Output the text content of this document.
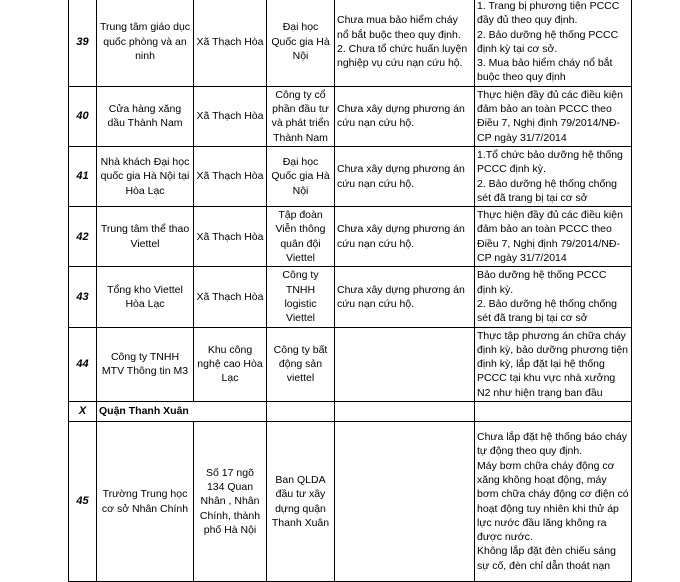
39	Trung tâm giáo dục quốc phòng và an ninh	Xã Thạch Hòa	Đại học Quốc gia Hà Nội	Chưa mua bảo hiểm cháy nổ bắt buộc theo quy định.
2. Chưa tổ chức huấn luyện nghiệp vụ cứu nạn cứu hộ.	1. Trang bị phương tiện PCCC đầy đủ theo quy định.
2. Bảo dưỡng hệ thống PCCC định kỳ tại cơ sở.
3. Mua bảo hiểm cháy nổ bắt buộc theo quy định

40	Cửa hàng xăng dầu Thành Nam	Xã Thạch Hòa	Công ty cổ phần đầu tư và phát triển Thành Nam	Chưa xây dựng phương án cứu nạn cứu hộ.	Thực hiện đầy đủ các điều kiện đảm bảo an toàn PCCC theo Điều 7, Nghị định 79/2014/NĐ-CP ngày 31/7/2014

41	Nhà khách Đại học quốc gia Hà Nội tại Hòa Lạc	Xã Thạch Hòa	Đại học Quốc gia Hà Nội	Chưa xây dựng phương án cứu nạn cứu hộ.	1.Tổ chức bảo dưỡng hệ thống PCCC định kỳ.
2. Bảo dưỡng hệ thống chống sét đã trang bị tại cơ sở

42	Trung tâm thể thao Viettel	Xã Thạch Hòa	Tập đoàn Viễn thông quân đội Viettel	Chưa xây dựng phương án cứu nạn cứu hộ.	Thực hiện đầy đủ các điều kiện đảm bảo an toàn PCCC theo Điều 7, Nghị định 79/2014/NĐ-CP ngày 31/7/2014

43	Tổng kho Viettel Hòa Lạc	Xã Thạch Hòa	Công ty TNHH logistic Viettel	Chưa xây dựng phương án cứu nạn cứu hộ.	Bảo dưỡng hệ thống PCCC định kỳ.
2. Bảo dưỡng hệ thống chống sét đã trang bị tại cơ sở

44	Công ty TNHH MTV Thông tin M3	Khu công nghệ cao Hòa Lạc	Công ty bất động sản viettel		Thực tập phương án chữa cháy định kỳ, bảo dưỡng phương tiện định kỳ, lắp đặt lại hệ thống PCCC tại khu vực nhà xưởng N2 như hiện trạng ban đầu

X	Quận Thanh Xuân				
45	Trường Trung học cơ sở Nhân Chính	Số 17 ngõ 134 Quan Nhân , Nhân Chính, thành phố Hà Nội	Ban QLDA đầu tư xây dựng quận Thanh Xuân		Chưa lắp đặt hệ thống báo cháy tự động theo quy định.
Máy bơm chữa cháy động cơ xăng không hoạt động, máy bơm chữa cháy động cơ điện có hoạt động tuy nhiên khi thử áp lực nước đầu lăng không ra được nước.
Không lắp đặt đèn chiếu sáng sự cố, đèn chỉ dẫn thoát nạn
